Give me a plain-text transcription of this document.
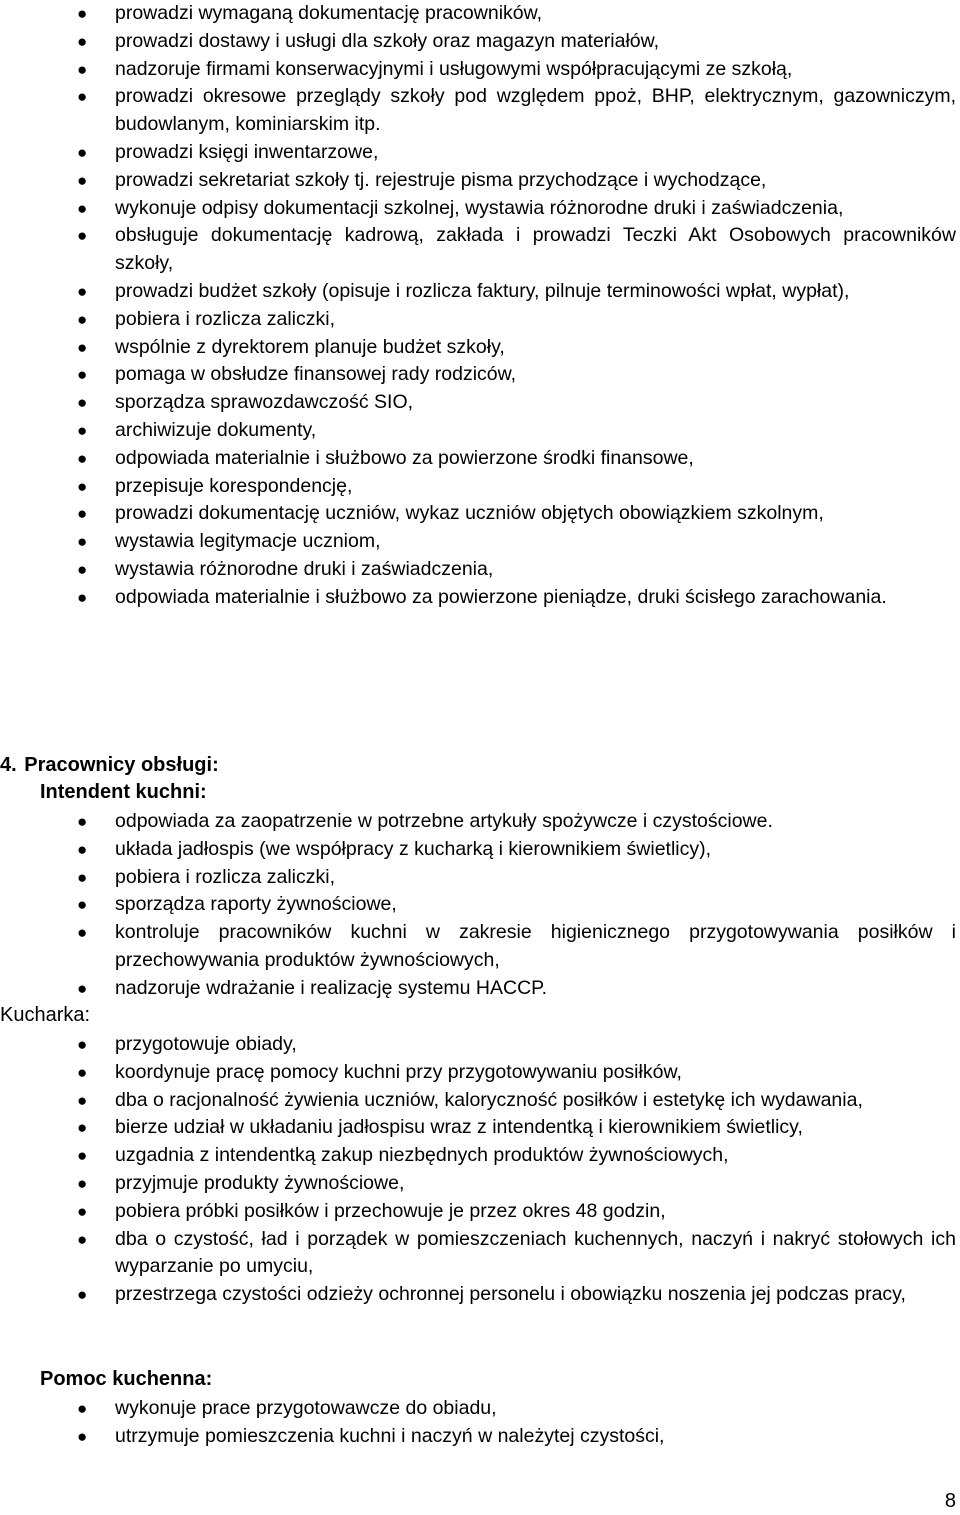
● prowadzi wymaganą dokumentację pracowników,
● prowadzi dostawy i usługi dla szkoły oraz magazyn materiałów,
● nadzoruje firmami konserwacyjnymi i usługowymi współpracującymi ze szkołą,
● prowadzi okresowe przeglądy szkoły pod względem ppoż, BHP, elektrycznym, gazowniczym, budowlanym, kominiarskim itp.
● prowadzi księgi inwentarzowe,
● prowadzi sekretariat szkoły tj. rejestruje pisma przychodzące i wychodzące,
● wykonuje odpisy dokumentacji szkolnej, wystawia różnorodne druki i zaświadczenia,
● obsługuje dokumentację kadrową, zakłada i prowadzi Teczki Akt Osobowych pracowników szkoły,
● prowadzi budżet szkoły (opisuje i rozlicza faktury, pilnuje terminowości wpłat, wypłat),
● pobiera i rozlicza zaliczki,
● wspólnie z dyrektorem planuje budżet szkoły,
● pomaga w obsłudze finansowej rady rodziców,
● sporządza sprawozdawczość SIO,
● archiwizuje dokumenty,
● odpowiada materialnie i służbowo za powierzone środki finansowe,
● przepisuje korespondencję,
● prowadzi dokumentację uczniów, wykaz uczniów objętych obowiązkiem szkolnym,
● wystawia legitymacje uczniom,
● wystawia różnorodne druki i zaświadczenia,
● odpowiada materialnie i służbowo za powierzone pieniądze, druki ścisłego zarachowania.
4. Pracownicy obsługi:
Intendent kuchni:
● odpowiada za zaopatrzenie w potrzebne artykuły spożywcze i czystościowe.
● układa jadłospis (we współpracy z kucharką i kierownikiem świetlicy),
● pobiera i rozlicza zaliczki,
● sporządza raporty żywnościowe,
● kontroluje pracowników kuchni w zakresie higienicznego przygotowywania posiłków i przechowywania produktów żywnościowych,
● nadzoruje wdrażanie i realizację systemu HACCP.
Kucharka:
● przygotowuje obiady,
● koordynuje pracę pomocy kuchni przy przygotowywaniu posiłków,
● dba o racjonalność żywienia uczniów, kaloryczność posiłków i estetykę ich wydawania,
● bierze udział w układaniu jadłospisu wraz z intendentką i kierownikiem świetlicy,
● uzgadnia z intendentką zakup niezbędnych produktów żywnościowych,
● przyjmuje produkty żywnościowe,
● pobiera próbki posiłków i przechowuje je przez okres 48 godzin,
● dba o czystość, ład i porządek w pomieszczeniach kuchennych, naczyń i nakryć stołowych ich wyparzanie po umyciu,
● przestrzega czystości odzieży ochronnej personelu i obowiązku noszenia jej podczas pracy,
Pomoc kuchenna:
● wykonuje prace przygotowawcze do obiadu,
● utrzymuje pomieszczenia kuchni i naczyń w należytej czystości,
8
